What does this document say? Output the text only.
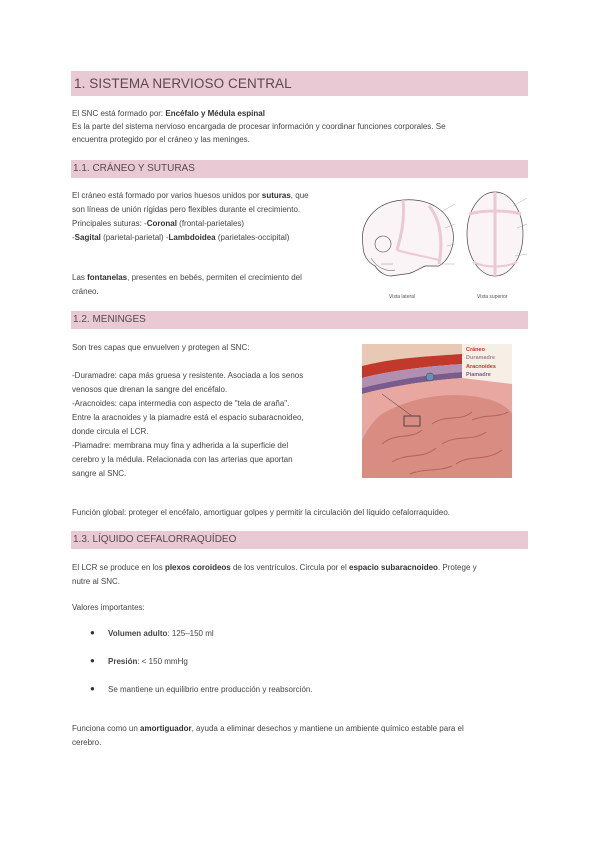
1. SISTEMA NERVIOSO CENTRAL
El SNC está formado por: Encéfalo y Médula espinal
Es la parte del sistema nervioso encargada de procesar información y coordinar funciones corporales. Se
encuentra protegido por el cráneo y las meninges.
1.1. CRÁNEO Y SUTURAS
El cráneo está formado por varios huesos unidos por suturas, que
son líneas de unión rígidas pero flexibles durante el crecimiento.
Principales suturas: -Coronal (frontal-parietales)
-Sagital (parietal-parietal) -Lambdoidea (parietales-occipital)
Las fontanelas, presentes en bebés, permiten el crecimiento del
cráneo.
Vista lateral	Vista superior
1.2. MENINGES
Son tres capas que envuelven y protegen al SNC:
-Duramadre: capa más gruesa y resistente. Asociada a los senos
venosos que drenan la sangre del encéfalo.
-Aracnoides: capa intermedia con aspecto de "tela de araña".
Entre la aracnoides y la piamadre está el espacio subaracnoideo,
donde circula el LCR.
-Piamadre: membrana muy fina y adherida a la superficie del
cerebro y la médula. Relacionada con las arterias que aportan
sangre al SNC.
Cráneo
Duramadre
Aracnoides
Piamadre
Función global: proteger el encéfalo, amortiguar golpes y permitir la circulación del líquido cefalorraquídeo.
1.3. LÍQUIDO CEFALORRAQUÍDEO
El LCR se produce en los plexos coroideos de los ventrículos. Circula por el espacio subaracnoideo. Protege y
nutre al SNC.
Valores importantes:
● Volumen adulto: 125–150 ml
● Presión: < 150 mmHg
● Se mantiene un equilibrio entre producción y reabsorción.
Funciona como un amortiguador, ayuda a eliminar desechos y mantiene un ambiente químico estable para el
cerebro.
